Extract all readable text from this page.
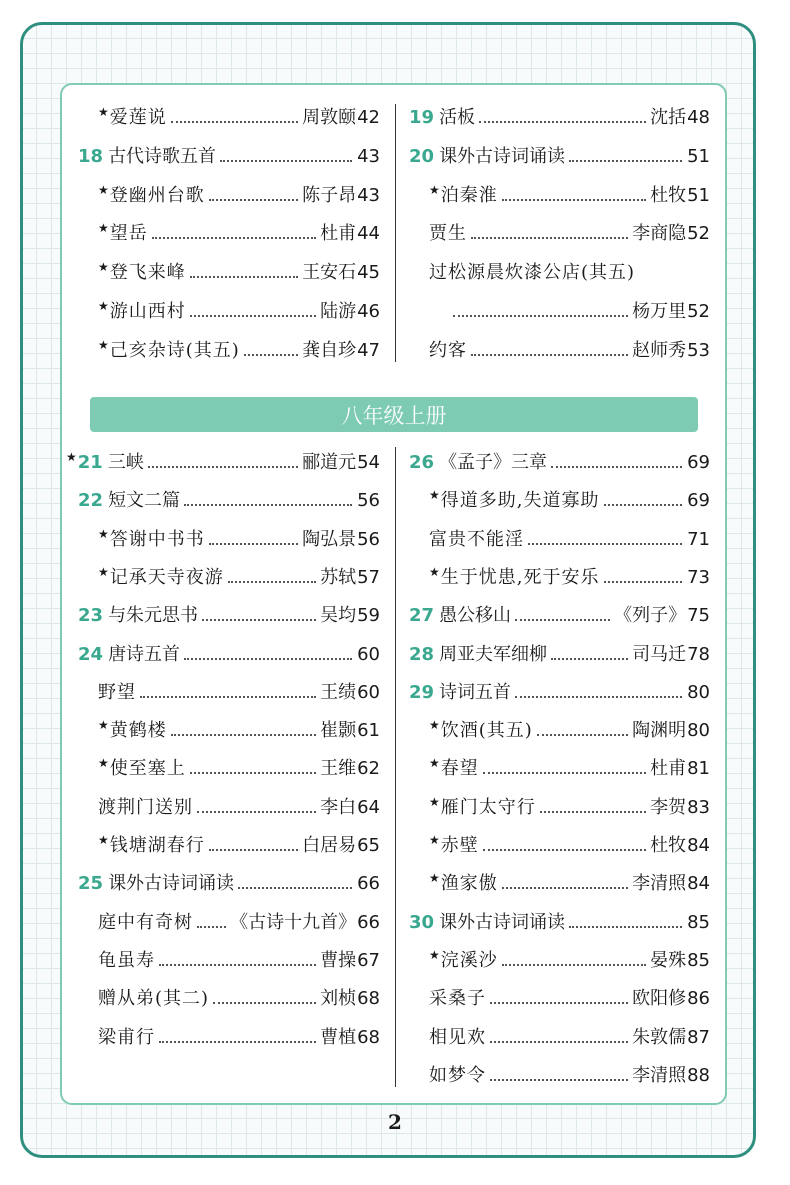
八年级上册
★ 爱莲说	周敦颐 42
18 古代诗歌五首	43
★ 登幽州台歌	陈子昂 43
★ 望岳	杜甫 44
★ 登飞来峰	王安石 45
★ 游山西村	陆游 46
★ 己亥杂诗(其五)	龚自珍 47
19 活板	沈括 48
20 课外古诗词诵读	51
★ 泊秦淮	杜牧 51
贾生	李商隐 52
过松源晨炊漆公店(其五)
杨万里 52
约客	赵师秀 53
★ 21 三峡	郦道元 54
22 短文二篇	56
★ 答谢中书书	陶弘景 56
★ 记承天寺夜游	苏轼 57
23 与朱元思书	吴均 59
24 唐诗五首	60
野望	王绩 60
★ 黄鹤楼	崔颢 61
★ 使至塞上	王维 62
渡荆门送别	李白 64
★ 钱塘湖春行	白居易 65
25 课外古诗词诵读	66
庭中有奇树 《古诗十九首》 66
龟虽寿	曹操 67
赠从弟(其二)	刘桢 68
梁甫行	曹植 68
26 《孟子》三章	69
★ 得道多助,失道寡助	69
富贵不能淫	71
★ 生于忧患,死于安乐	73
27 愚公移山	《列子》 75
28 周亚夫军细柳	司马迁 78
29 诗词五首	80
★ 饮酒(其五)	陶渊明 80
★ 春望	杜甫 81
★ 雁门太守行	李贺 83
★ 赤壁	杜牧 84
★ 渔家傲	李清照 84
30 课外古诗词诵读	85
★ 浣溪沙	晏殊 85
采桑子	欧阳修 86
相见欢	朱敦儒 87
如梦令	李清照 88
2
